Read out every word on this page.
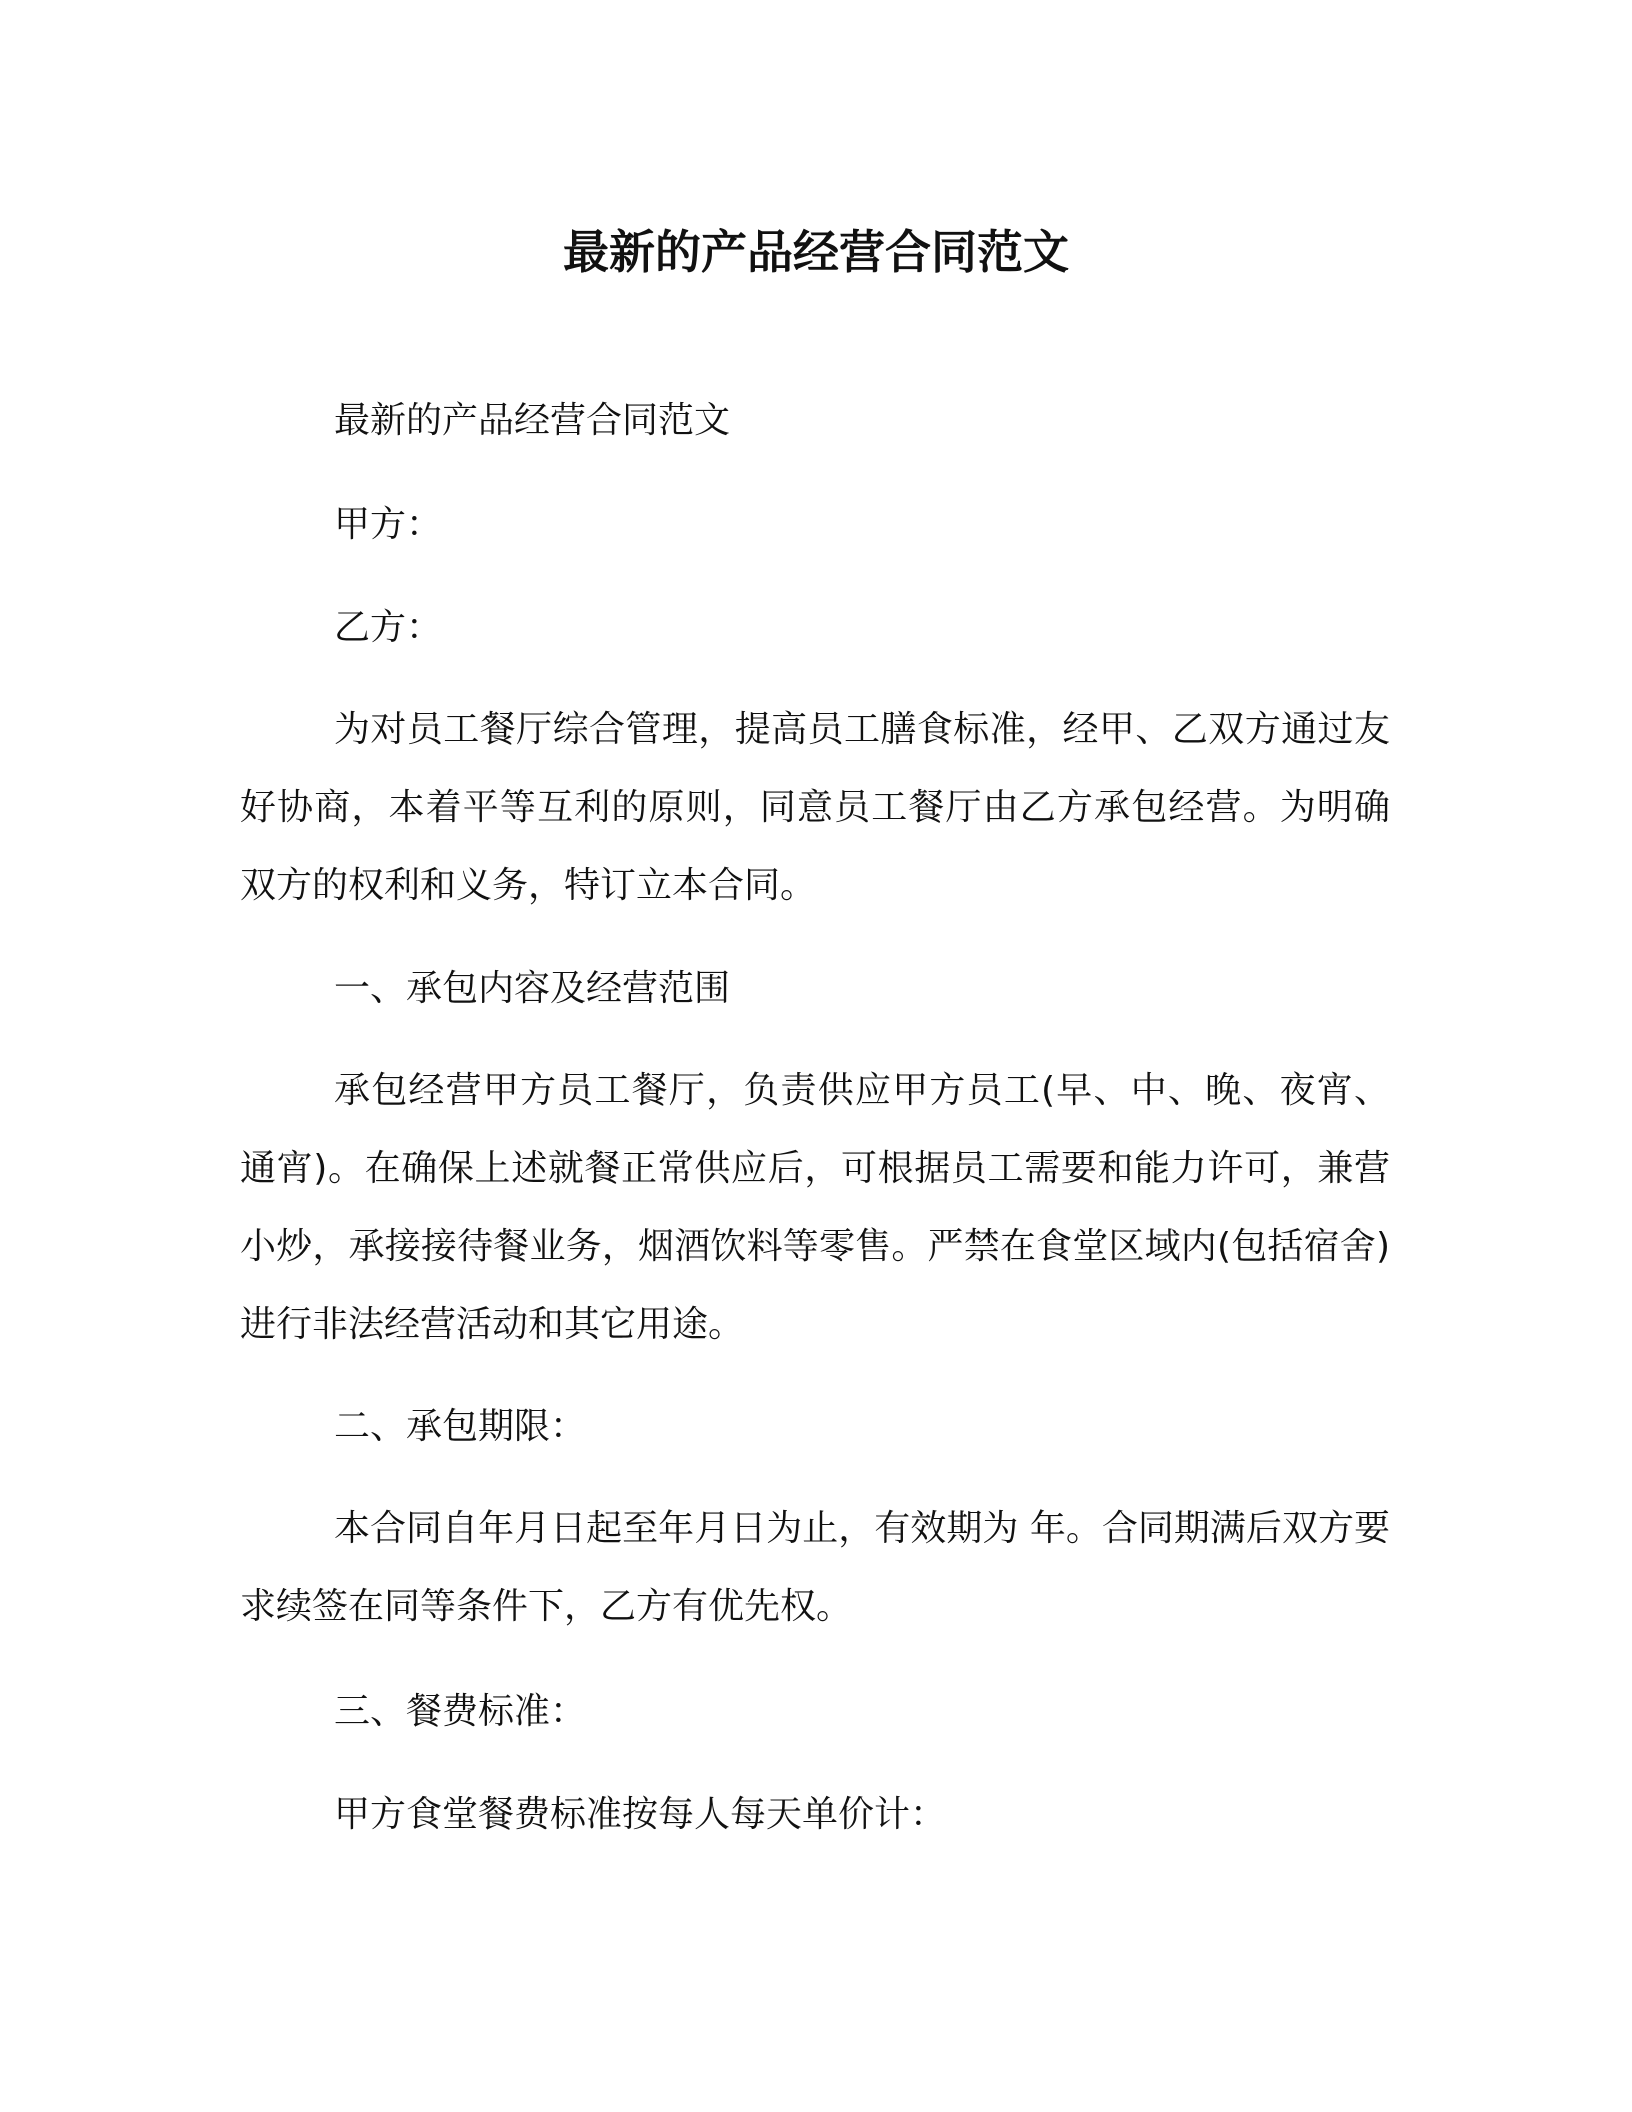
最新的产品经营合同范文

最新的产品经营合同范文

甲方：

乙方：

为对员工餐厅综合管理，提高员工膳食标准，经甲、乙双方通过友好协商，本着平等互利的原则，同意员工餐厅由乙方承包经营。为明确双方的权利和义务，特订立本合同。

一、承包内容及经营范围

承包经营甲方员工餐厅，负责供应甲方员工(早、中、晚、夜宵、通宵)。在确保上述就餐正常供应后，可根据员工需要和能力许可，兼营小炒，承接接待餐业务，烟酒饮料等零售。严禁在食堂区域内(包括宿舍)进行非法经营活动和其它用途。

二、承包期限：

本合同自年月日起至年月日为止，有效期为 年。合同期满后双方要求续签在同等条件下，乙方有优先权。

三、餐费标准：

甲方食堂餐费标准按每人每天单价计：
